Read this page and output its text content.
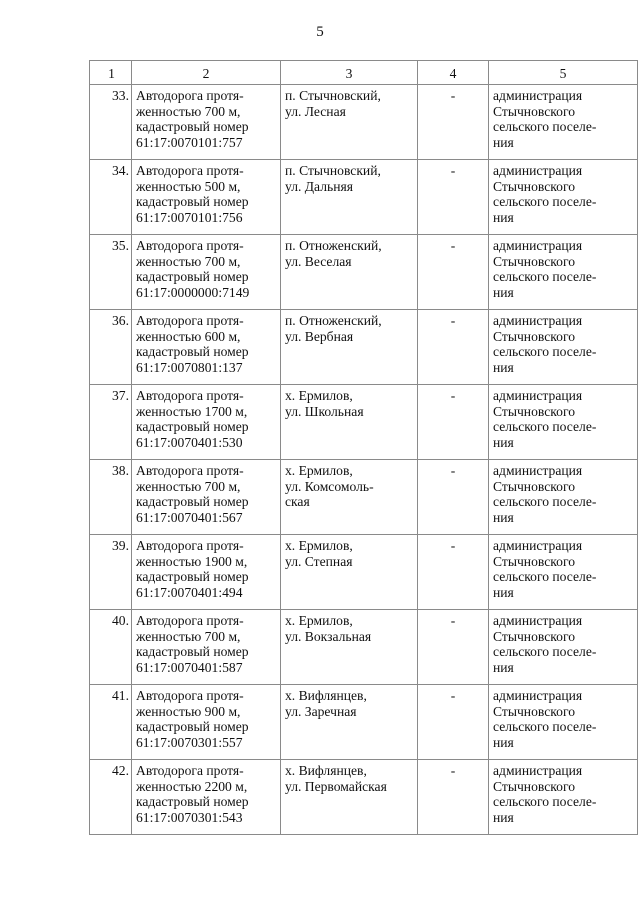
5
1	2	3	4	5
33.	Автодорога протя-
женностью 700 м,
кадастровый номер
61:17:0070101:757	п. Стычновский,
ул. Лесная	-	администрация
Стычновского
сельского поселе-
ния
34.	Автодорога протя-
женностью 500 м,
кадастровый номер
61:17:0070101:756	п. Стычновский,
ул. Дальняя	-	администрация
Стычновского
сельского поселе-
ния
35.	Автодорога протя-
женностью 700 м,
кадастровый номер
61:17:0000000:7149	п. Отноженский,
ул. Веселая	-	администрация
Стычновского
сельского поселе-
ния
36.	Автодорога протя-
женностью 600 м,
кадастровый номер
61:17:0070801:137	п. Отноженский,
ул. Вербная	-	администрация
Стычновского
сельского поселе-
ния
37.	Автодорога протя-
женностью 1700 м,
кадастровый номер
61:17:0070401:530	х. Ермилов,
ул. Школьная	-	администрация
Стычновского
сельского поселе-
ния
38.	Автодорога протя-
женностью 700 м,
кадастровый номер
61:17:0070401:567	х. Ермилов,
ул. Комсомоль-
ская	-	администрация
Стычновского
сельского поселе-
ния
39.	Автодорога протя-
женностью 1900 м,
кадастровый номер
61:17:0070401:494	х. Ермилов,
ул. Степная	-	администрация
Стычновского
сельского поселе-
ния
40.	Автодорога протя-
женностью 700 м,
кадастровый номер
61:17:0070401:587	х. Ермилов,
ул. Вокзальная	-	администрация
Стычновского
сельского поселе-
ния
41.	Автодорога протя-
женностью 900 м,
кадастровый номер
61:17:0070301:557	х. Вифлянцев,
ул. Заречная	-	администрация
Стычновского
сельского поселе-
ния
42.	Автодорога протя-
женностью 2200 м,
кадастровый номер
61:17:0070301:543	х. Вифлянцев,
ул. Первомайская	-	администрация
Стычновского
сельского поселе-
ния
